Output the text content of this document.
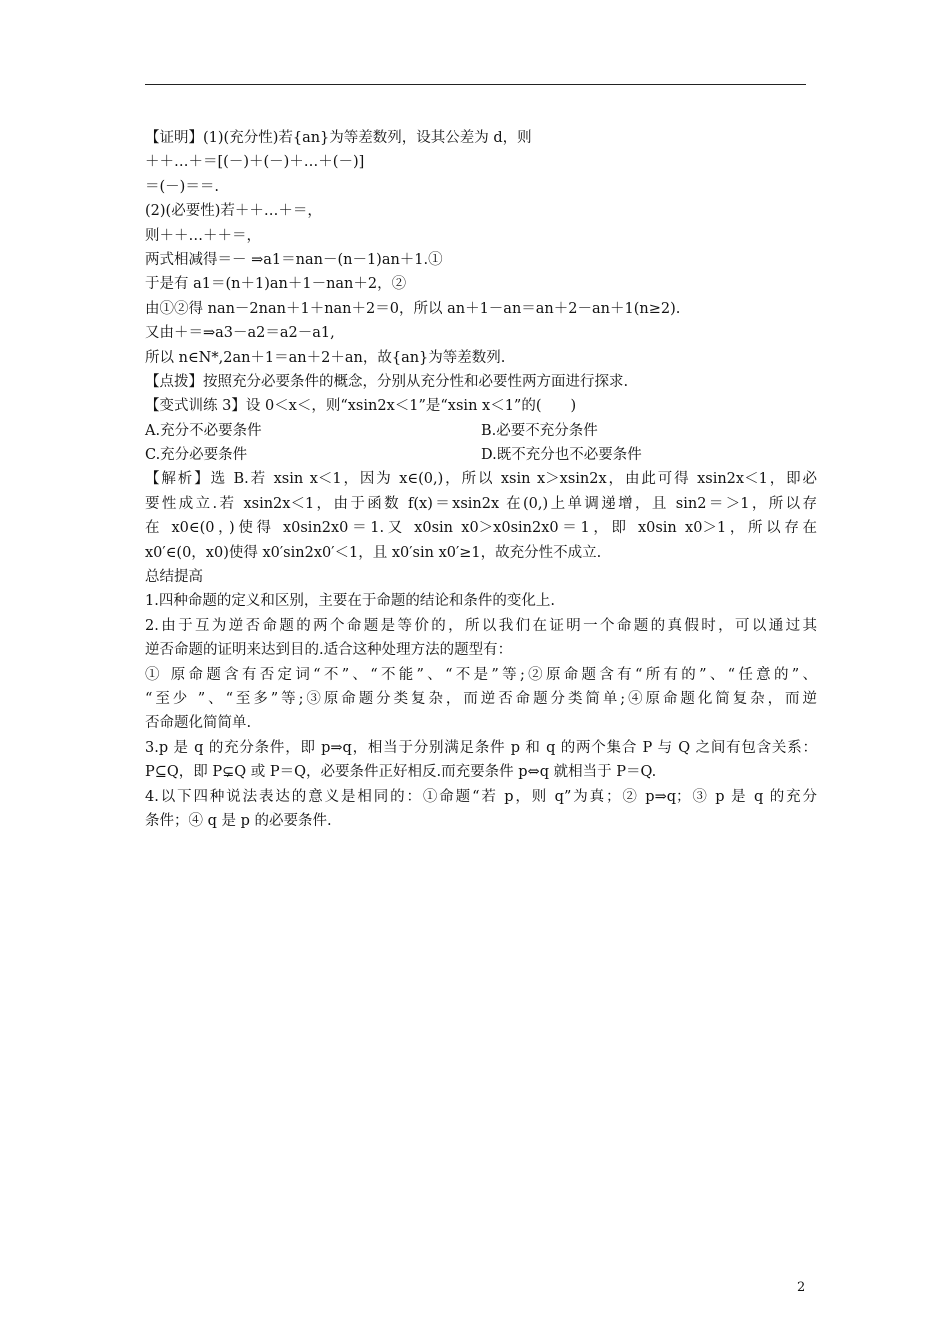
【证明】(1)(充分性)若{an}为等差数列，设其公差为 d，则
＋＋…＋＝[(－)＋(－)＋…＋(－)]
＝(－)＝＝.
(2)(必要性)若＋＋…＋＝，
则＋＋…＋＋＝，
两式相减得＝－ ⇒a1＝nan－(n－1)an＋1.①
于是有 a1＝(n＋1)an＋1－nan＋2，②
由①②得 nan－2nan＋1＋nan＋2＝0，所以 an＋1－an＝an＋2－an＋1(n≥2).
又由＋＝⇒a3－a2＝a2－a1,
所以 n∈N*,2an＋1＝an＋2＋an，故{an}为等差数列.
【点拨】按照充分必要条件的概念，分别从充分性和必要性两方面进行探求.
【变式训练 3】设 0＜x＜，则“xsin2x＜1”是“xsin x＜1”的(　　)
A.充分不必要条件	B.必要不充分条件
C.充分必要条件	D.既不充分也不必要条件
【解析】选 B.若 xsin x＜1，因为 x∈(0,)，所以 xsin x＞xsin2x，由此可得 xsin2x＜1，即必
要性成立.若 xsin2x＜1，由于函数 f(x)＝xsin2x 在(0,)上单调递增，且 sin2＝＞1，所以存
在 x0∈(0，)使得 x0sin2x0＝1.又 x0sin x0＞x0sin2x0＝1，即 x0sin x0＞1，所以存在
x0′∈(0，x0)使得 x0′sin2x0′＜1，且 x0′sin x0′≥1，故充分性不成立.
总结提高
1.四种命题的定义和区别，主要在于命题的结论和条件的变化上.
2.由于互为逆否命题的两个命题是等价的，所以我们在证明一个命题的真假时，可以通过其
逆否命题的证明来达到目的.适合这种处理方法的题型有：
① 原命题含有否定词“不”、“不能”、“不是”等;②原命题含有“所有的”、“任意的”、
“至少 ”、“至多”等;③原命题分类复杂，而逆否命题分类简单;④原命题化简复杂，而逆
否命题化简简单.
3.p 是 q 的充分条件，即 p⇒q，相当于分别满足条件 p 和 q 的两个集合 P 与 Q 之间有包含关系：
P⊆Q，即 P⊊Q 或 P＝Q，必要条件正好相反.而充要条件 p⇔q 就相当于 P＝Q.
4.以下四种说法表达的意义是相同的：①命题“若 p，则 q”为真；② p⇒q；③ p 是 q 的充分
条件；④ q 是 p 的必要条件.
2
